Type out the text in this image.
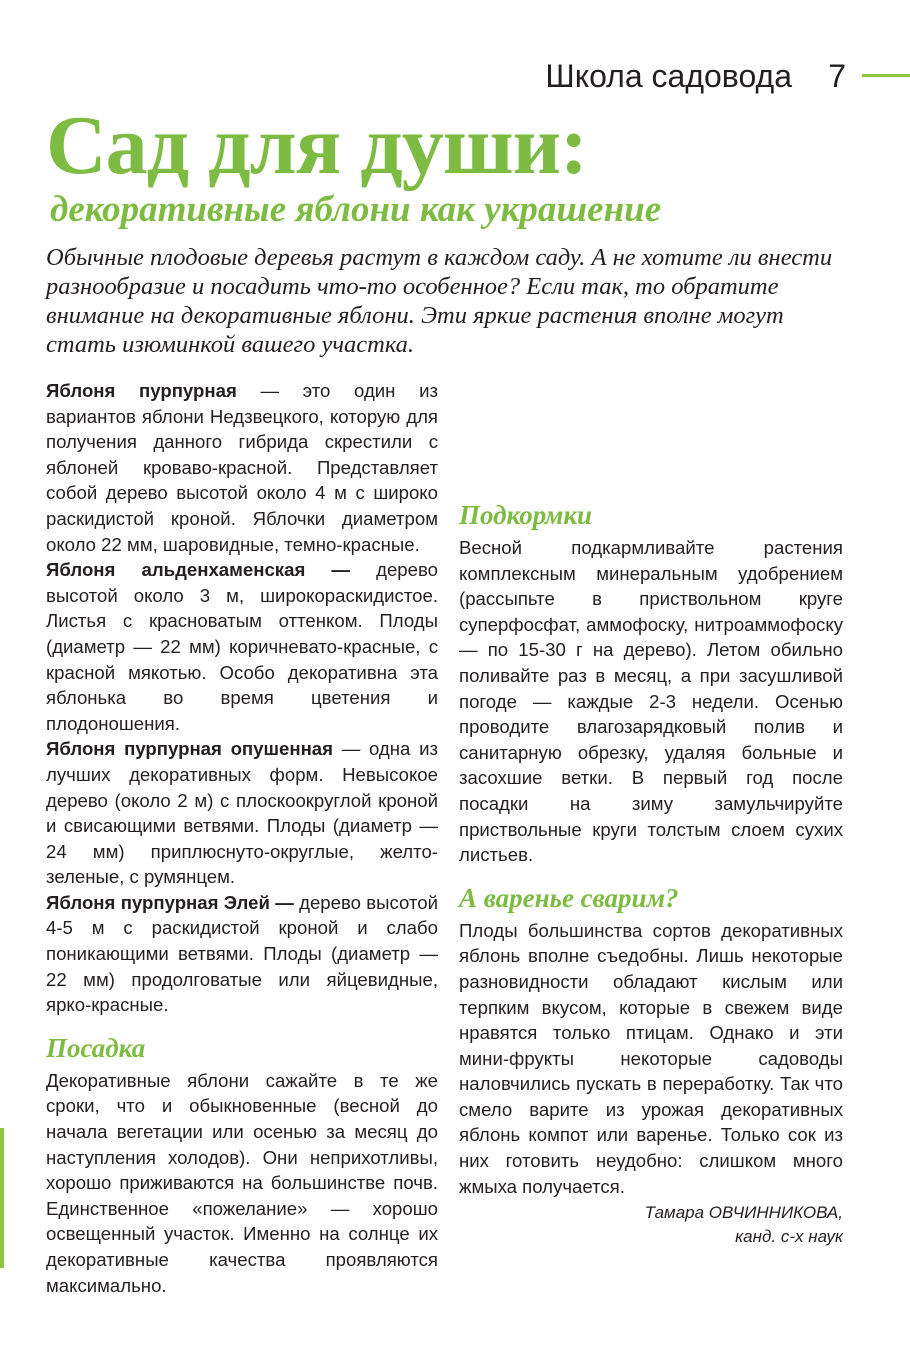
Школа садовода 7
Сад для души:
декоративные яблони как украшение

Обычные плодовые деревья растут в каждом саду. А не хотите ли внести разнообразие и посадить что-то особенное? Если так, то обратите внимание на декоративные яблони. Эти яркие растения вполне могут стать изюминкой вашего участка.

Яблоня пурпурная — это один из вариантов яблони Недзвецкого, которую для получения данного гибрида скрестили с яблоней кроваво-красной. Представляет собой дерево высотой около 4 м с широко раскидистой кроной. Яблочки диаметром около 22 мм, шаровидные, темно-красные.

Яблоня альденхаменская — дерево высотой около 3 м, широкораскидистое. Листья с красноватым оттенком. Плоды (диаметр — 22 мм) коричневато-красные, с красной мякотью. Особо декоративна эта яблонька во время цветения и плодоношения.

Яблоня пурпурная опушенная — одна из лучших декоративных форм. Невысокое дерево (около 2 м) с плоскоокруглой кроной и свисающими ветвями. Плоды (диаметр — 24 мм) приплюснуто-округлые, желто-зеленые, с румянцем.

Яблоня пурпурная Элей — дерево высотой 4-5 м с раскидистой кроной и слабо поникающими ветвями. Плоды (диаметр — 22 мм) продолговатые или яйцевидные, ярко-красные.

Посадка

Декоративные яблони сажайте в те же сроки, что и обыкновенные (весной до начала вегетации или осенью за месяц до наступления холодов). Они неприхотливы, хорошо приживаются на большинстве почв. Единственное «пожелание» — хорошо освещенный участок. Именно на солнце их декоративные качества проявляются максимально.

Подкормки

Весной подкармливайте растения комплексным минеральным удобрением (рассыпьте в приствольном круге суперфосфат, аммофоску, нитроаммофоску — по 15-30 г на дерево). Летом обильно поливайте раз в месяц, а при засушливой погоде — каждые 2-3 недели. Осенью проводите влагозарядковый полив и санитарную обрезку, удаляя больные и засохшие ветки. В первый год после посадки на зиму замульчируйте приствольные круги толстым слоем сухих листьев.

А варенье сварим?

Плоды большинства сортов декоративных яблонь вполне съедобны. Лишь некоторые разновидности обладают кислым или терпким вкусом, которые в свежем виде нравятся только птицам. Однако и эти мини-фрукты некоторые садоводы наловчились пускать в переработку. Так что смело варите из урожая декоративных яблонь компот или варенье. Только сок из них готовить неудобно: слишком много жмыха получается.

Тамара ОВЧИННИКОВА,
канд. с-х наук
